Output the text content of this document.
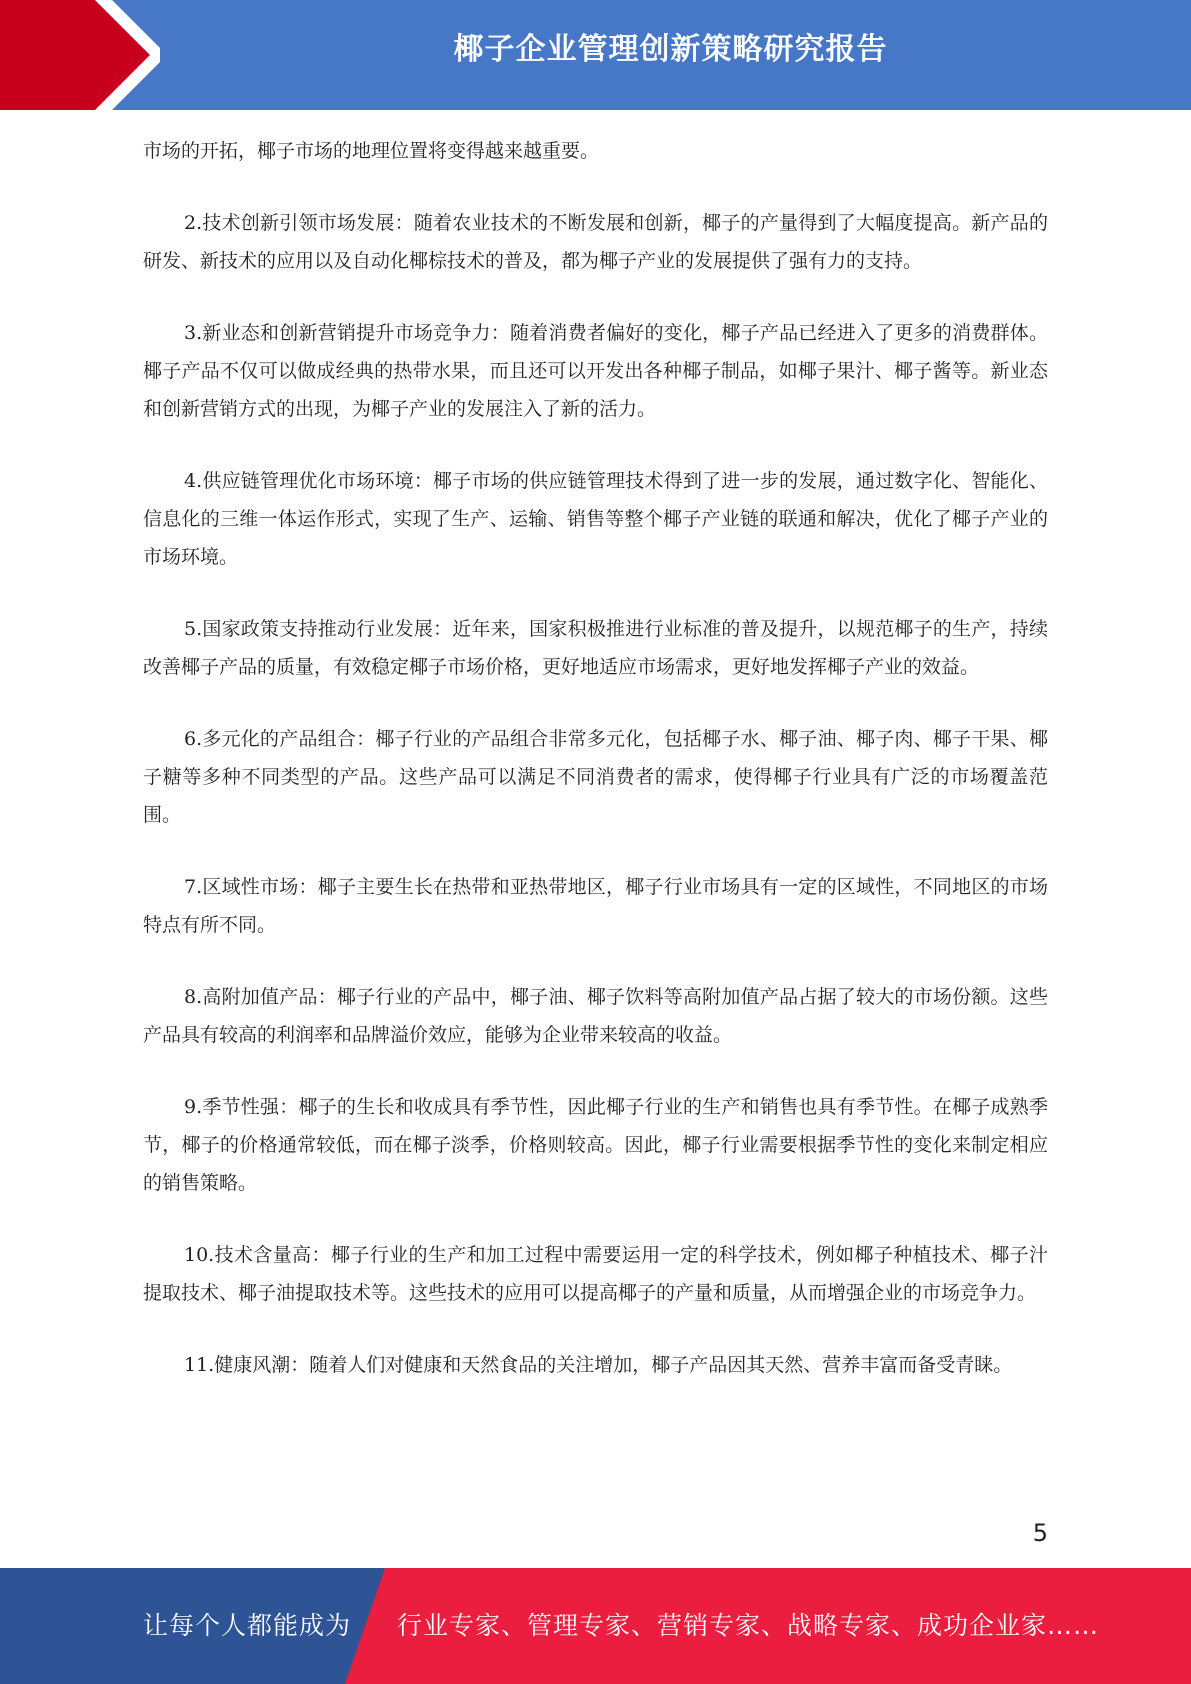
椰子企业管理创新策略研究报告

市场的开拓，椰子市场的地理位置将变得越来越重要。

2.技术创新引领市场发展：随着农业技术的不断发展和创新，椰子的产量得到了大幅度提高。新产品的研发、新技术的应用以及自动化椰棕技术的普及，都为椰子产业的发展提供了强有力的支持。

3.新业态和创新营销提升市场竞争力：随着消费者偏好的变化，椰子产品已经进入了更多的消费群体。椰子产品不仅可以做成经典的热带水果，而且还可以开发出各种椰子制品，如椰子果汁、椰子酱等。新业态和创新营销方式的出现，为椰子产业的发展注入了新的活力。

4.供应链管理优化市场环境：椰子市场的供应链管理技术得到了进一步的发展，通过数字化、智能化、信息化的三维一体运作形式，实现了生产、运输、销售等整个椰子产业链的联通和解决，优化了椰子产业的市场环境。

5.国家政策支持推动行业发展：近年来，国家积极推进行业标准的普及提升，以规范椰子的生产，持续改善椰子产品的质量，有效稳定椰子市场价格，更好地适应市场需求，更好地发挥椰子产业的效益。

6.多元化的产品组合：椰子行业的产品组合非常多元化，包括椰子水、椰子油、椰子肉、椰子干果、椰子糖等多种不同类型的产品。这些产品可以满足不同消费者的需求，使得椰子行业具有广泛的市场覆盖范围。

7.区域性市场：椰子主要生长在热带和亚热带地区，椰子行业市场具有一定的区域性，不同地区的市场特点有所不同。

8.高附加值产品：椰子行业的产品中，椰子油、椰子饮料等高附加值产品占据了较大的市场份额。这些产品具有较高的利润率和品牌溢价效应，能够为企业带来较高的收益。

9.季节性强：椰子的生长和收成具有季节性，因此椰子行业的生产和销售也具有季节性。在椰子成熟季节，椰子的价格通常较低，而在椰子淡季，价格则较高。因此，椰子行业需要根据季节性的变化来制定相应的销售策略。

10.技术含量高：椰子行业的生产和加工过程中需要运用一定的科学技术，例如椰子种植技术、椰子汁提取技术、椰子油提取技术等。这些技术的应用可以提高椰子的产量和质量，从而增强企业的市场竞争力。

11.健康风潮：随着人们对健康和天然食品的关注增加，椰子产品因其天然、营养丰富而备受青睐。

5
让每个人都能成为 行业专家、管理专家、营销专家、战略专家、成功企业家……
